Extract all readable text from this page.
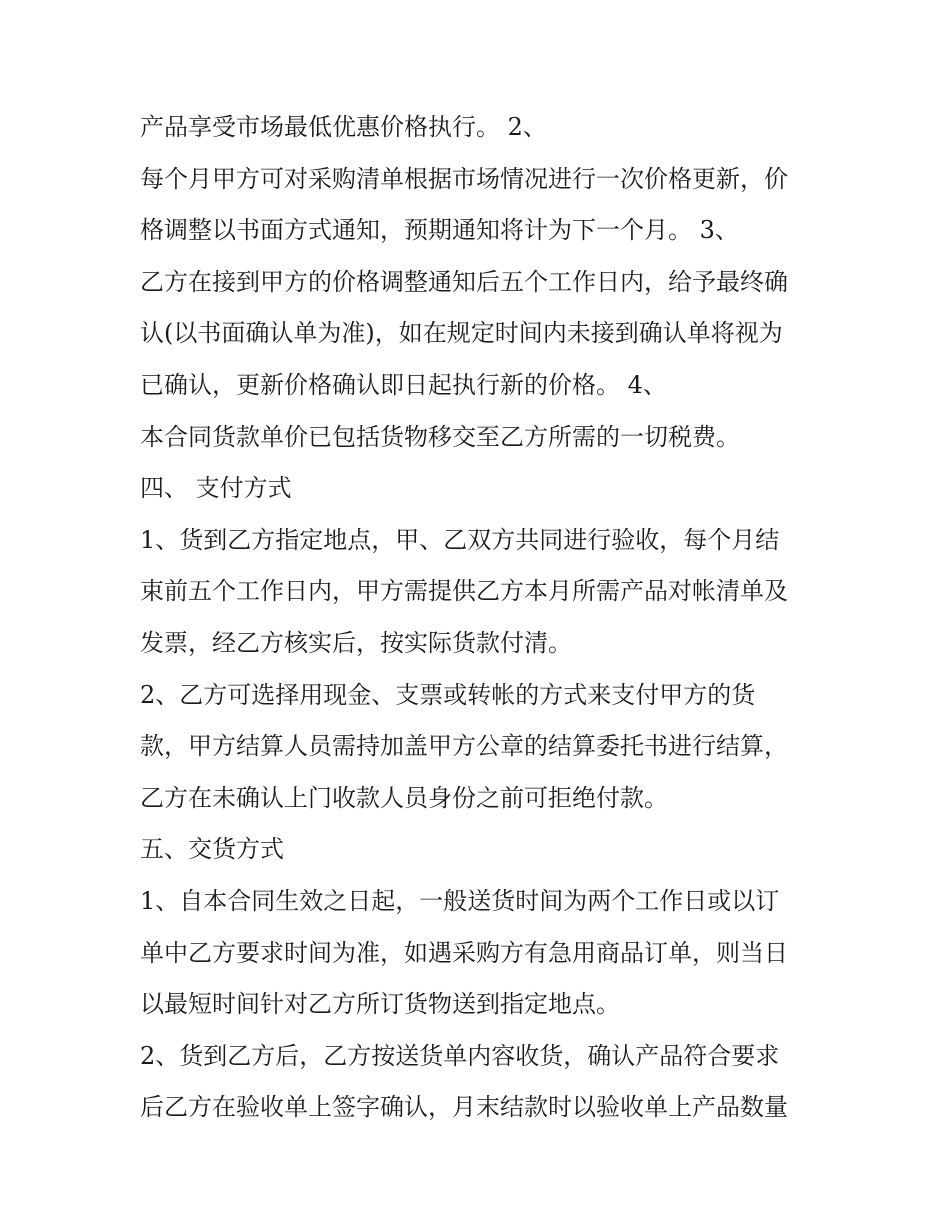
产品享受市场最低优惠价格执行。 2、
每个月甲方可对采购清单根据市场情况进行一次价格更新，价
格调整以书面方式通知，预期通知将计为下一个月。 3、
乙方在接到甲方的价格调整通知后五个工作日内，给予最终确
认(以书面确认单为准)，如在规定时间内未接到确认单将视为
已确认，更新价格确认即日起执行新的价格。 4、
本合同货款单价已包括货物移交至乙方所需的一切税费。
四、 支付方式
1、货到乙方指定地点，甲、乙双方共同进行验收，每个月结
束前五个工作日内，甲方需提供乙方本月所需产品对帐清单及
发票，经乙方核实后，按实际货款付清。
2、乙方可选择用现金、支票或转帐的方式来支付甲方的货
款，甲方结算人员需持加盖甲方公章的结算委托书进行结算，
乙方在未确认上门收款人员身份之前可拒绝付款。
五、交货方式
1、自本合同生效之日起，一般送货时间为两个工作日或以订
单中乙方要求时间为准，如遇采购方有急用商品订单，则当日
以最短时间针对乙方所订货物送到指定地点。
2、货到乙方后，乙方按送货单内容收货，确认产品符合要求
后乙方在验收单上签字确认，月末结款时以验收单上产品数量
